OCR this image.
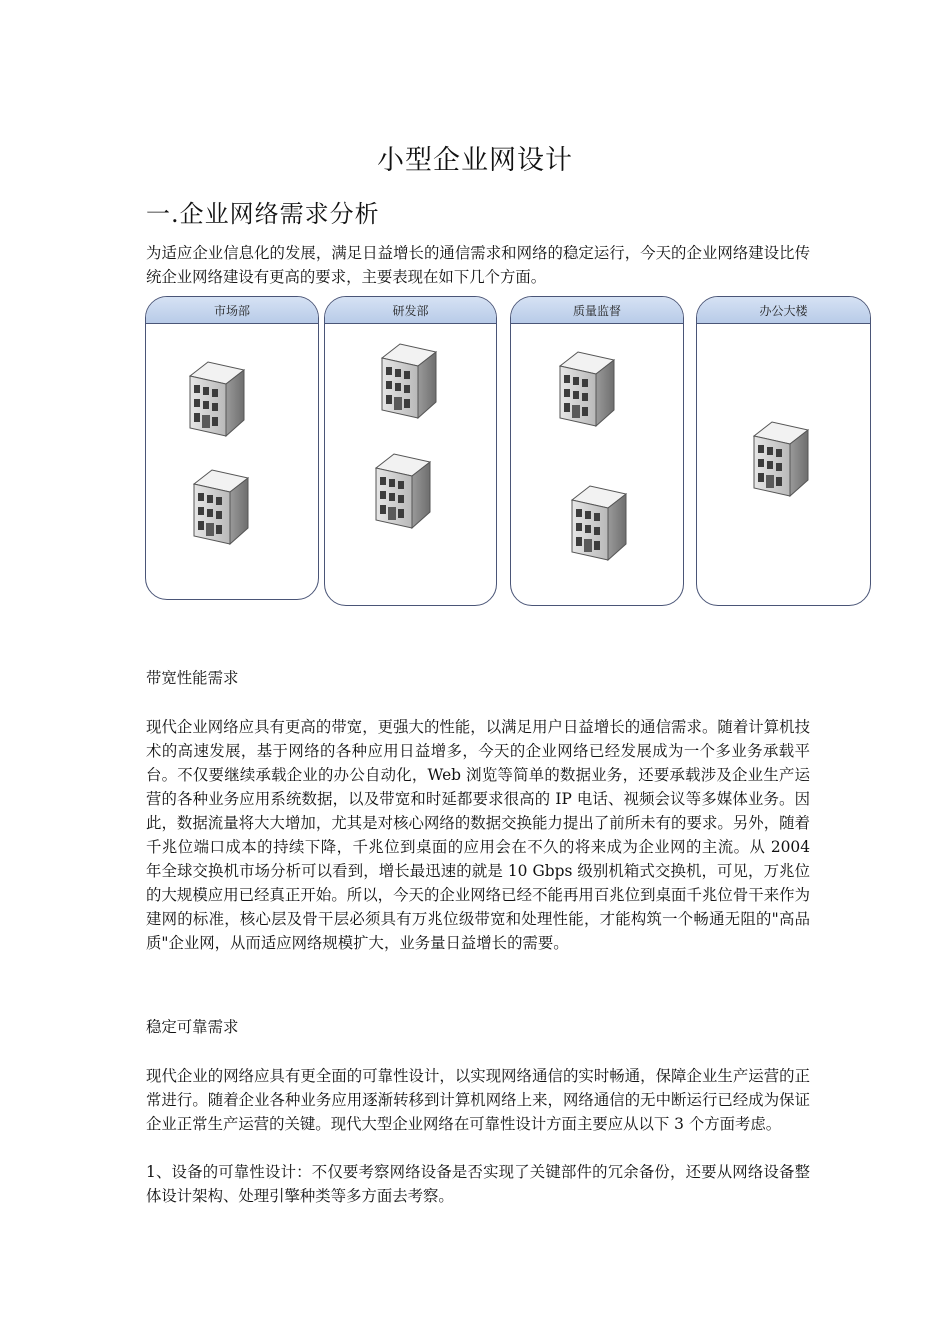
小型企业网设计
一.企业网络需求分析

为适应企业信息化的发展，满足日益增长的通信需求和网络的稳定运行，今天的企业网络建设比传统企业网络建设有更高的要求，主要表现在如下几个方面。

市场部	研发部	质量监督	办公大楼
带宽性能需求

现代企业网络应具有更高的带宽，更强大的性能，以满足用户日益增长的通信需求。随着计算机技术的高速发展，基于网络的各种应用日益增多，今天的企业网络已经发展成为一个多业务承载平台。不仅要继续承载企业的办公自动化，Web 浏览等简单的数据业务，还要承载涉及企业生产运营的各种业务应用系统数据，以及带宽和时延都要求很高的 IP 电话、视频会议等多媒体业务。因此，数据流量将大大增加，尤其是对核心网络的数据交换能力提出了前所未有的要求。另外，随着千兆位端口成本的持续下降，千兆位到桌面的应用会在不久的将来成为企业网的主流。从 2004 年全球交换机市场分析可以看到，增长最迅速的就是 10 Gbps 级别机箱式交换机，可见，万兆位的大规模应用已经真正开始。所以，今天的企业网络已经不能再用百兆位到桌面千兆位骨干来作为建网的标准，核心层及骨干层必须具有万兆位级带宽和处理性能，才能构筑一个畅通无阻的"高品质"企业网，从而适应网络规模扩大，业务量日益增长的需要。

稳定可靠需求

现代企业的网络应具有更全面的可靠性设计，以实现网络通信的实时畅通，保障企业生产运营的正常进行。随着企业各种业务应用逐渐转移到计算机网络上来，网络通信的无中断运行已经成为保证企业正常生产运营的关键。现代大型企业网络在可靠性设计方面主要应从以下 3 个方面考虑。

1、设备的可靠性设计：不仅要考察网络设备是否实现了关键部件的冗余备份，还要从网络设备整体设计架构、处理引擎种类等多方面去考察。
